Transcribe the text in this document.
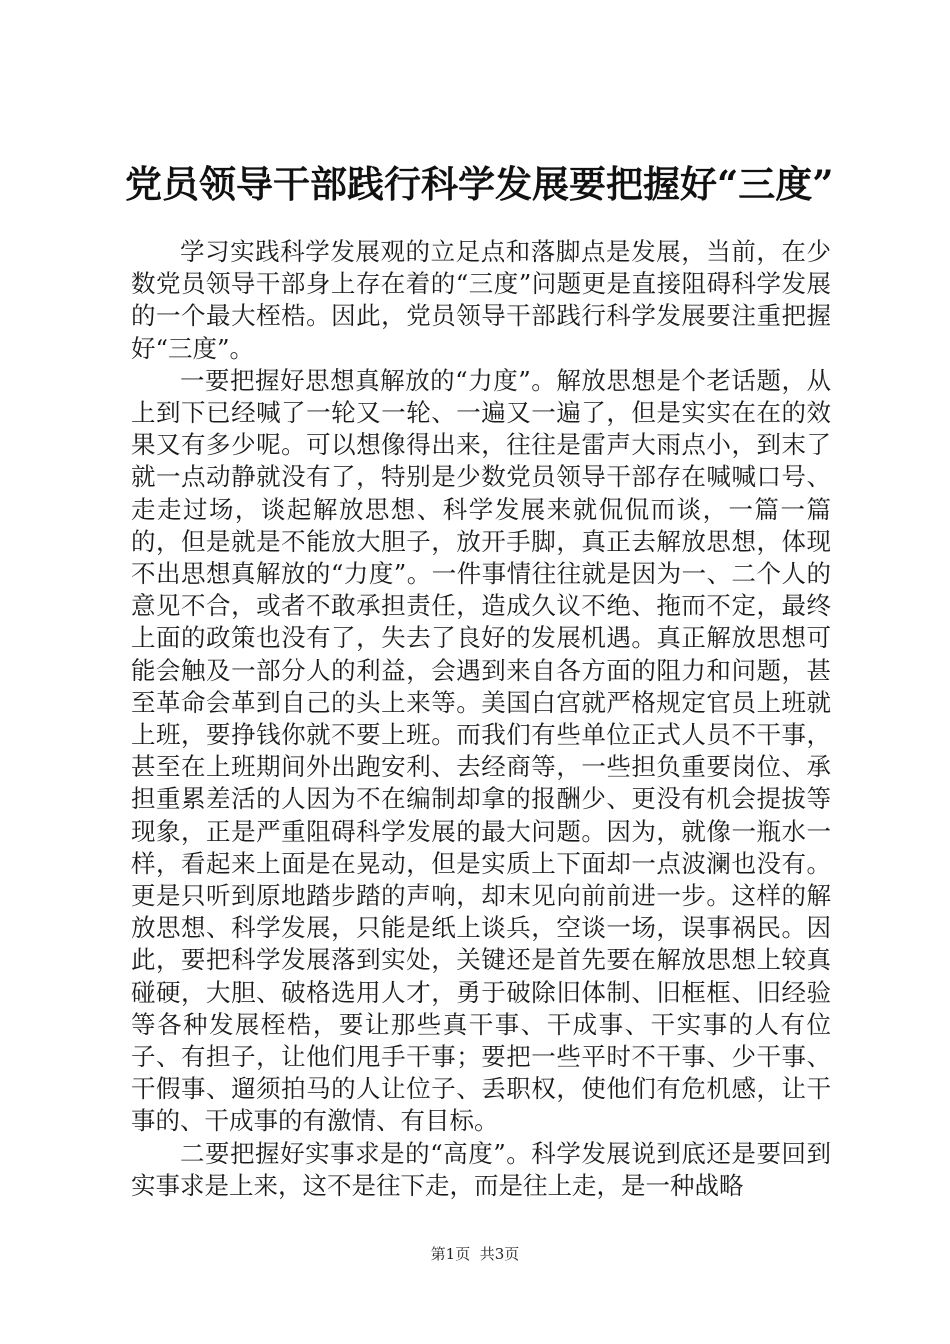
党员领导干部践行科学发展要把握好“三度”

学习实践科学发展观的立足点和落脚点是发展，当前，在少数党员领导干部身上存在着的“三度”问题更是直接阻碍科学发展的一个最大桎梏。因此，党员领导干部践行科学发展要注重把握好“三度”。

一要把握好思想真解放的“力度”。解放思想是个老话题，从上到下已经喊了一轮又一轮、一遍又一遍了，但是实实在在的效果又有多少呢。可以想像得出来，往往是雷声大雨点小，到末了就一点动静就没有了，特别是少数党员领导干部存在喊喊口号、走走过场，谈起解放思想、科学发展来就侃侃而谈，一篇一篇的，但是就是不能放大胆子，放开手脚，真正去解放思想，体现不出思想真解放的“力度”。一件事情往往就是因为一、二个人的意见不合，或者不敢承担责任，造成久议不绝、拖而不定，最终上面的政策也没有了，失去了良好的发展机遇。真正解放思想可能会触及一部分人的利益，会遇到来自各方面的阻力和问题，甚至革命会革到自己的头上来等。美国白宫就严格规定官员上班就上班，要挣钱你就不要上班。而我们有些单位正式人员不干事，甚至在上班期间外出跑安利、去经商等，一些担负重要岗位、承担重累差活的人因为不在编制却拿的报酬少、更没有机会提拔等现象，正是严重阻碍科学发展的最大问题。因为，就像一瓶水一样，看起来上面是在晃动，但是实质上下面却一点波澜也没有。更是只听到原地踏步踏的声响，却末见向前前进一步。这样的解放思想、科学发展，只能是纸上谈兵，空谈一场，误事祸民。因此，要把科学发展落到实处，关键还是首先要在解放思想上较真碰硬，大胆、破格选用人才，勇于破除旧体制、旧框框、旧经验等各种发展桎梏，要让那些真干事、干成事、干实事的人有位子、有担子，让他们甩手干事；要把一些平时不干事、少干事、干假事、遛须拍马的人让位子、丢职权，使他们有危机感，让干事的、干成事的有激情、有目标。

二要把握好实事求是的“高度”。科学发展说到底还是要回到实事求是上来，这不是往下走，而是往上走，是一种战略

第1页 共3页
